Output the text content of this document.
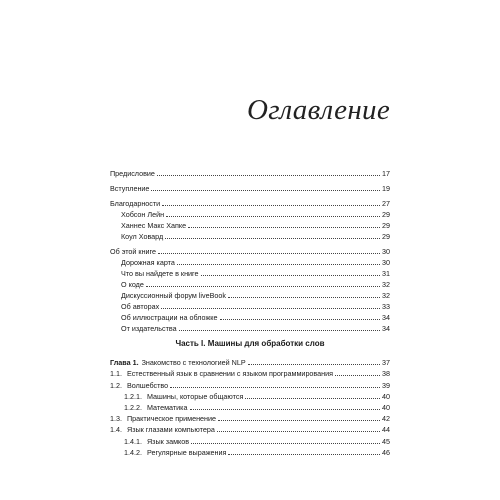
Оглавление
Предисловие	17
Вступление	19
Благодарности	27
Хобсон Лейн	29
Ханнес Макс Хапке	29
Коул Ховард	29
Об этой книге	30
Дорожная карта	30
Что вы найдете в книге	31
О коде	32
Дискуссионный форум liveBook	32
Об авторах	33
Об иллюстрации на обложке	34
От издательства	34
Часть I. Машины для обработки слов
Глава 1. Знакомство с технологией NLP	37
1.1. Естественный язык в сравнении с языком программирования	38
1.2. Волшебство	39
1.2.1. Машины, которые общаются	40
1.2.2. Математика	40
1.3. Практическое применение	42
1.4. Язык глазами компьютера	44
1.4.1. Язык замков	45
1.4.2. Регулярные выражения	46
